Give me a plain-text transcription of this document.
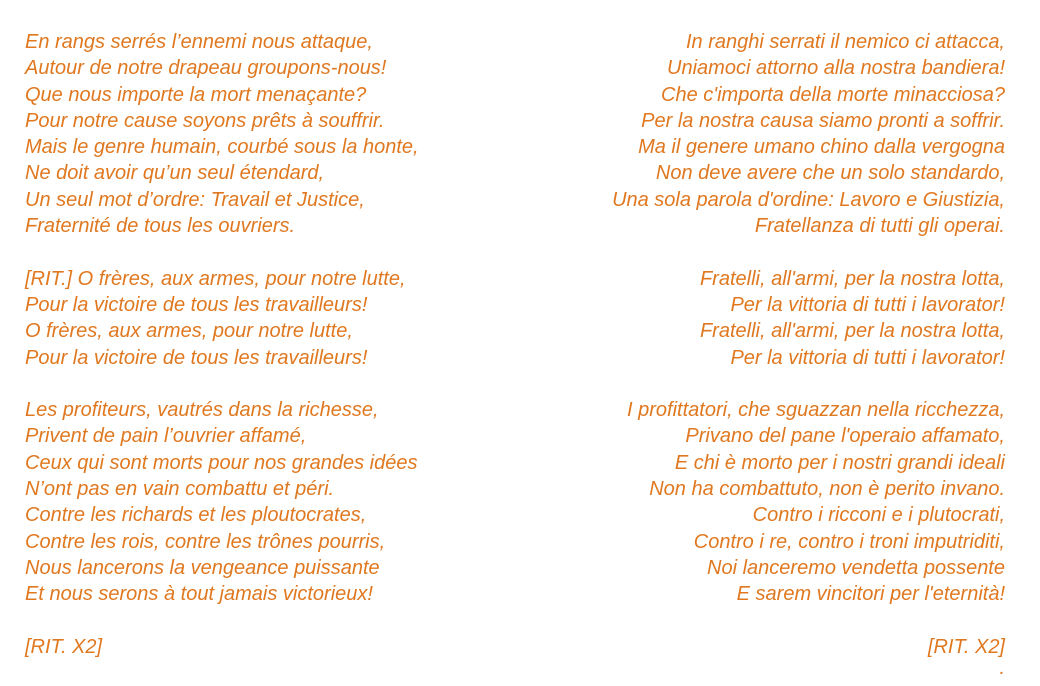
En rangs serrés l’ennemi nous attaque,
Autour de notre drapeau groupons-nous!
Que nous importe la mort menaçante?
Pour notre cause soyons prêts à souffrir.
Mais le genre humain, courbé sous la honte,
Ne doit avoir qu’un seul étendard,
Un seul mot d’ordre: Travail et Justice,
Fraternité de tous les ouvriers.
[RIT.] O frères, aux armes, pour notre lutte,
Pour la victoire de tous les travailleurs!
O frères, aux armes, pour notre lutte,
Pour la victoire de tous les travailleurs!
Les profiteurs, vautrés dans la richesse,
Privent de pain l’ouvrier affamé,
Ceux qui sont morts pour nos grandes idées
N’ont pas en vain combattu et péri.
Contre les richards et les ploutocrates,
Contre les rois, contre les trônes pourris,
Nous lancerons la vengeance puissante
Et nous serons à tout jamais victorieux!
[RIT. X2]
In ranghi serrati il nemico ci attacca,
Uniamoci attorno alla nostra bandiera!
Che c'importa della morte minacciosa?
Per la nostra causa siamo pronti a soffrir.
Ma il genere umano chino dalla vergogna
Non deve avere che un solo standardo,
Una sola parola d'ordine: Lavoro e Giustizia,
Fratellanza di tutti gli operai.
Fratelli, all'armi, per la nostra lotta,
Per la vittoria di tutti i lavorator!
Fratelli, all'armi, per la nostra lotta,
Per la vittoria di tutti i lavorator!
I profittatori, che sguazzan nella ricchezza,
Privano del pane l'operaio affamato,
E chi è morto per i nostri grandi ideali
Non ha combattuto, non è perito invano.
Contro i ricconi e i plutocrati,
Contro i re, contro i troni imputriditi,
Noi lanceremo vendetta possente
E sarem vincitori per l'eternità!
[RIT. X2]
.
